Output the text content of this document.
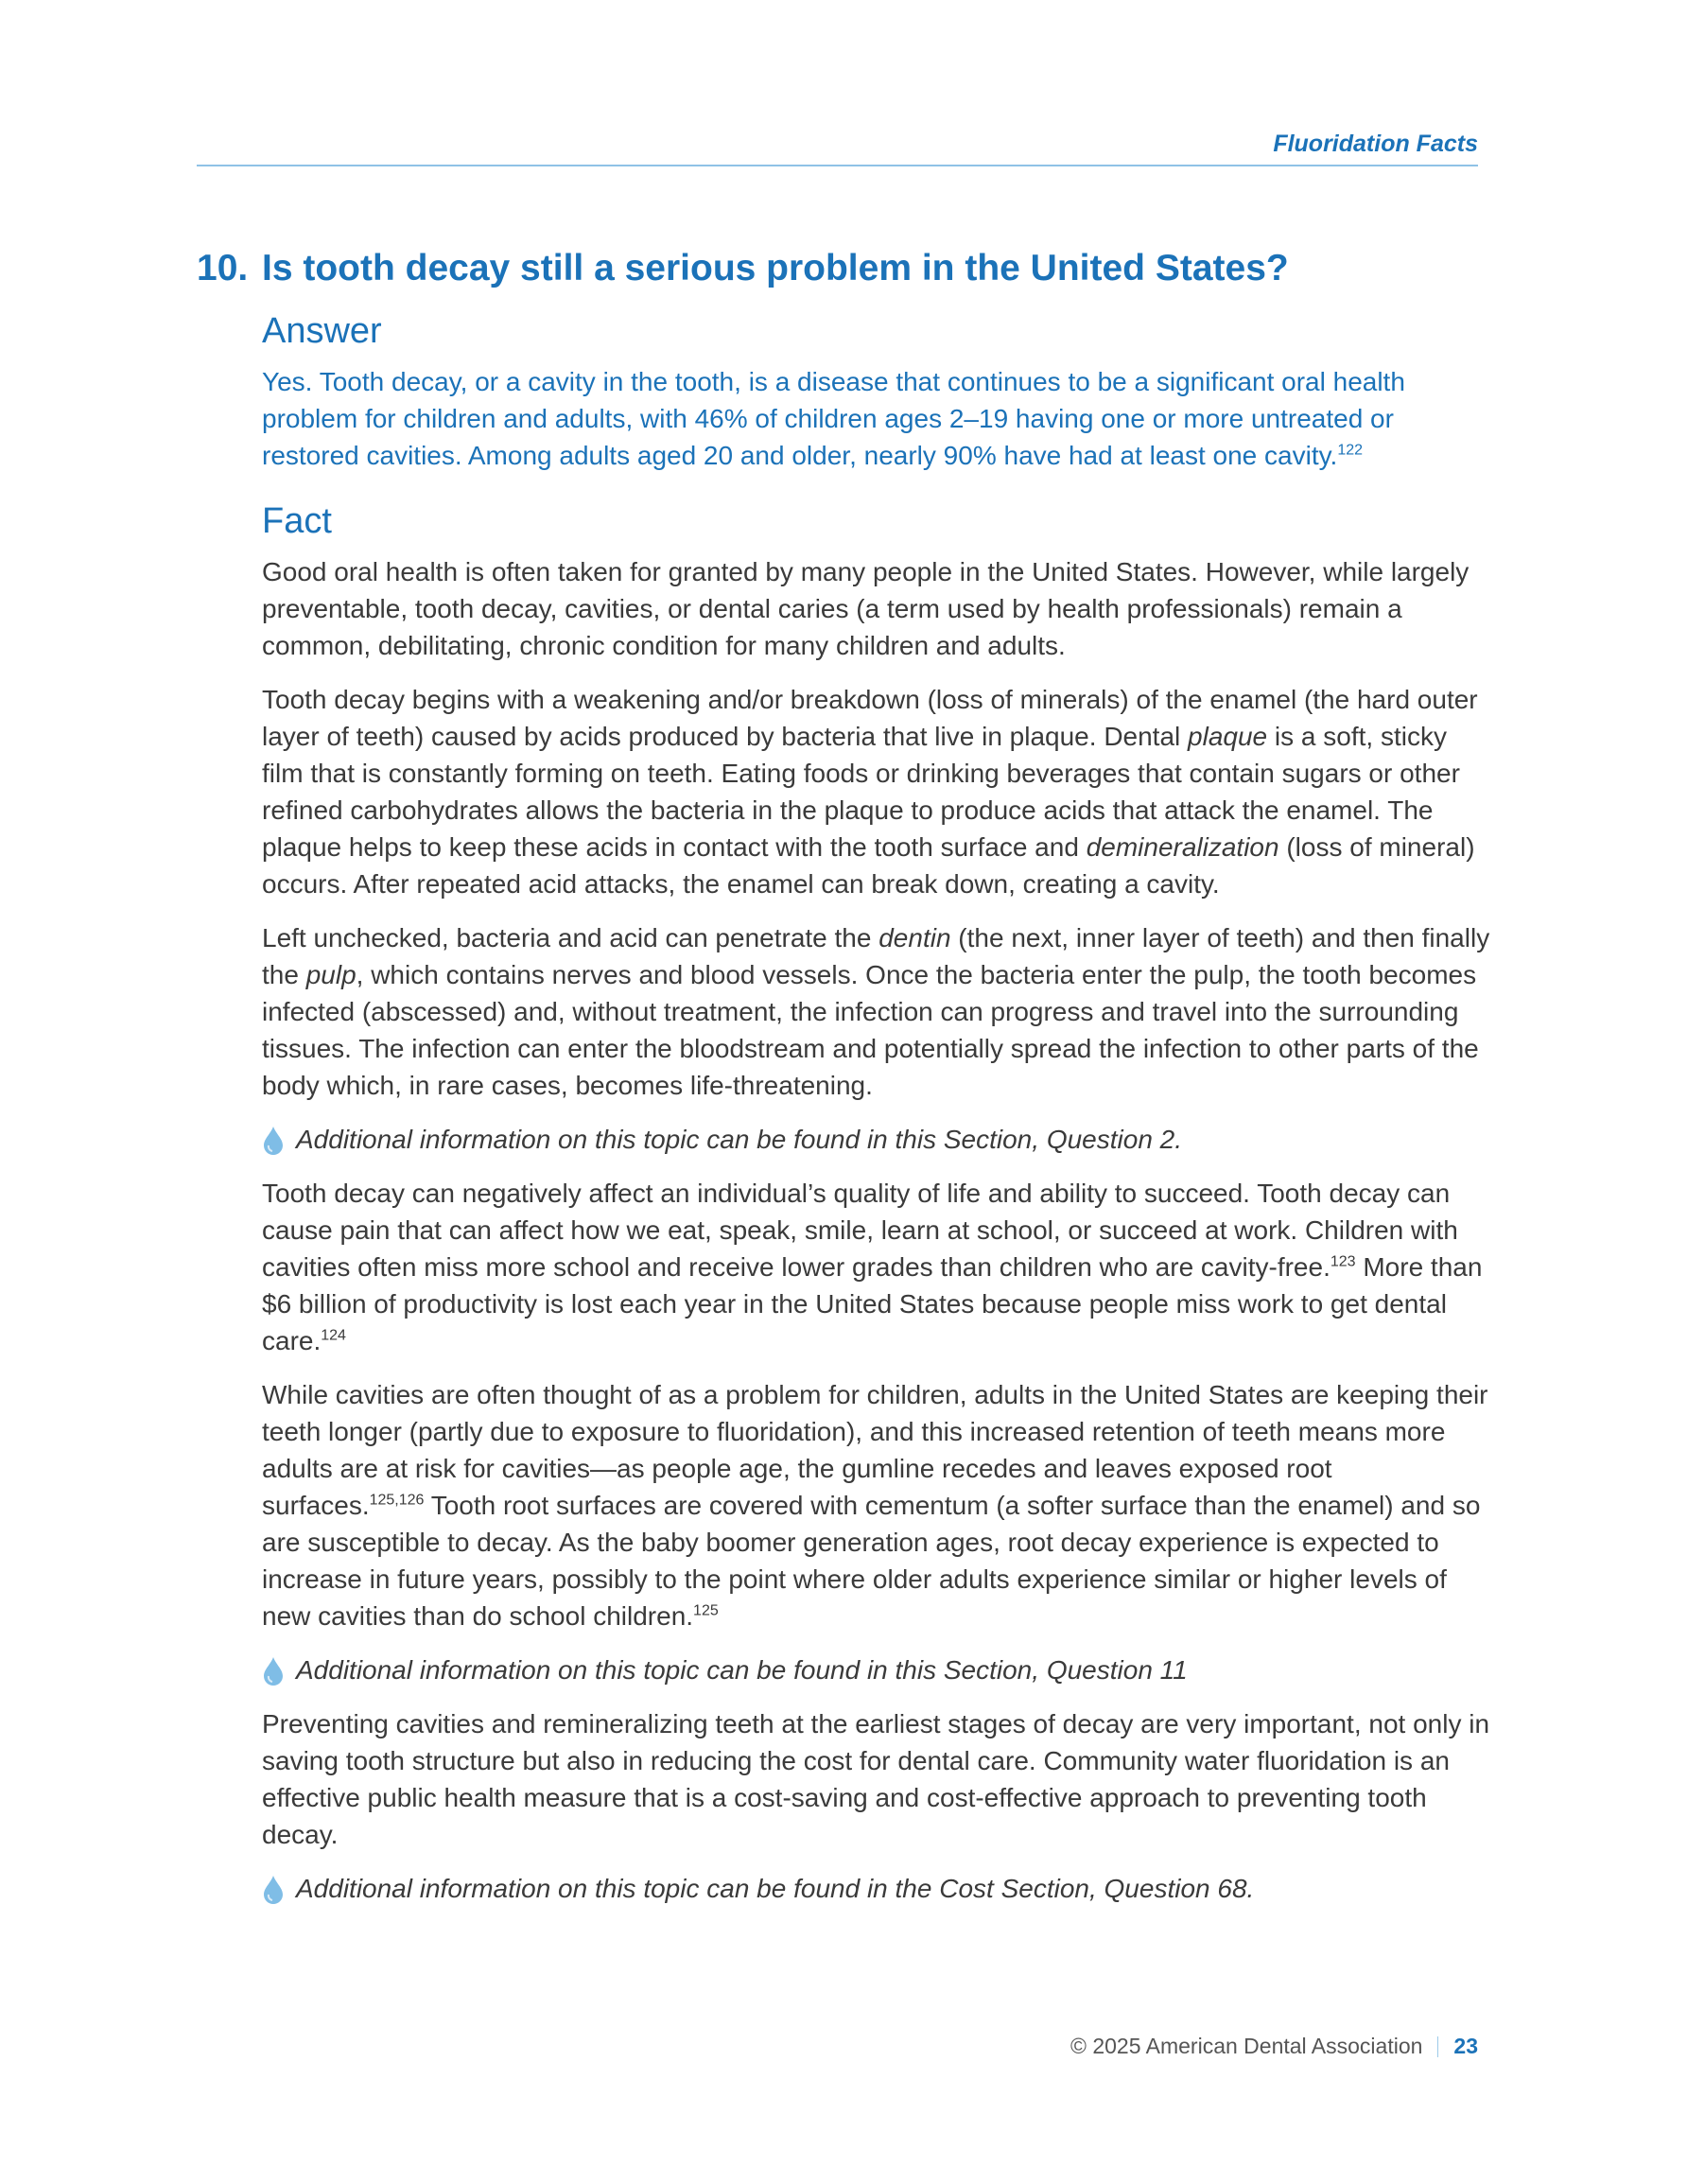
Fluoridation Facts
10. Is tooth decay still a serious problem in the United States?
Answer

Yes. Tooth decay, or a cavity in the tooth, is a disease that continues to be a significant oral health problem for children and adults, with 46% of children ages 2–19 having one or more untreated or restored cavities. Among adults aged 20 and older, nearly 90% have had at least one cavity.$^{122}$

Fact

Good oral health is often taken for granted by many people in the United States. However, while largely preventable, tooth decay, cavities, or dental caries (a term used by health professionals) remain a common, debilitating, chronic condition for many children and adults.

Tooth decay begins with a weakening and/or breakdown (loss of minerals) of the enamel (the hard outer layer of teeth) caused by acids produced by bacteria that live in plaque. Dental plaque is a soft, sticky film that is constantly forming on teeth. Eating foods or drinking beverages that contain sugars or other refined carbohydrates allows the bacteria in the plaque to produce acids that attack the enamel. The plaque helps to keep these acids in contact with the tooth surface and demineralization (loss of mineral) occurs. After repeated acid attacks, the enamel can break down, creating a cavity.

Left unchecked, bacteria and acid can penetrate the dentin (the next, inner layer of teeth) and then finally the pulp, which contains nerves and blood vessels. Once the bacteria enter the pulp, the tooth becomes infected (abscessed) and, without treatment, the infection can progress and travel into the surrounding tissues. The infection can enter the bloodstream and potentially spread the infection to other parts of the body which, in rare cases, becomes life-threatening.

Additional information on this topic can be found in this Section, Question 2.

Tooth decay can negatively affect an individual’s quality of life and ability to succeed. Tooth decay can cause pain that can affect how we eat, speak, smile, learn at school, or succeed at work. Children with cavities often miss more school and receive lower grades than children who are cavity-free.$^{123}$ More than $6 billion of productivity is lost each year in the United States because people miss work to get dental care.$^{124}$

While cavities are often thought of as a problem for children, adults in the United States are keeping their teeth longer (partly due to exposure to fluoridation), and this increased retention of teeth means more adults are at risk for cavities—as people age, the gumline recedes and leaves exposed root surfaces.$^{125,126}$ Tooth root surfaces are covered with cementum (a softer surface than the enamel) and so are susceptible to decay. As the baby boomer generation ages, root decay experience is expected to increase in future years, possibly to the point where older adults experience similar or higher levels of new cavities than do school children.$^{125}$

Additional information on this topic can be found in this Section, Question 11

Preventing cavities and remineralizing teeth at the earliest stages of decay are very important, not only in saving tooth structure but also in reducing the cost for dental care. Community water fluoridation is an effective public health measure that is a cost-saving and cost-effective approach to preventing tooth decay.

Additional information on this topic can be found in the Cost Section, Question 68.
© 2025 American Dental Association 23
